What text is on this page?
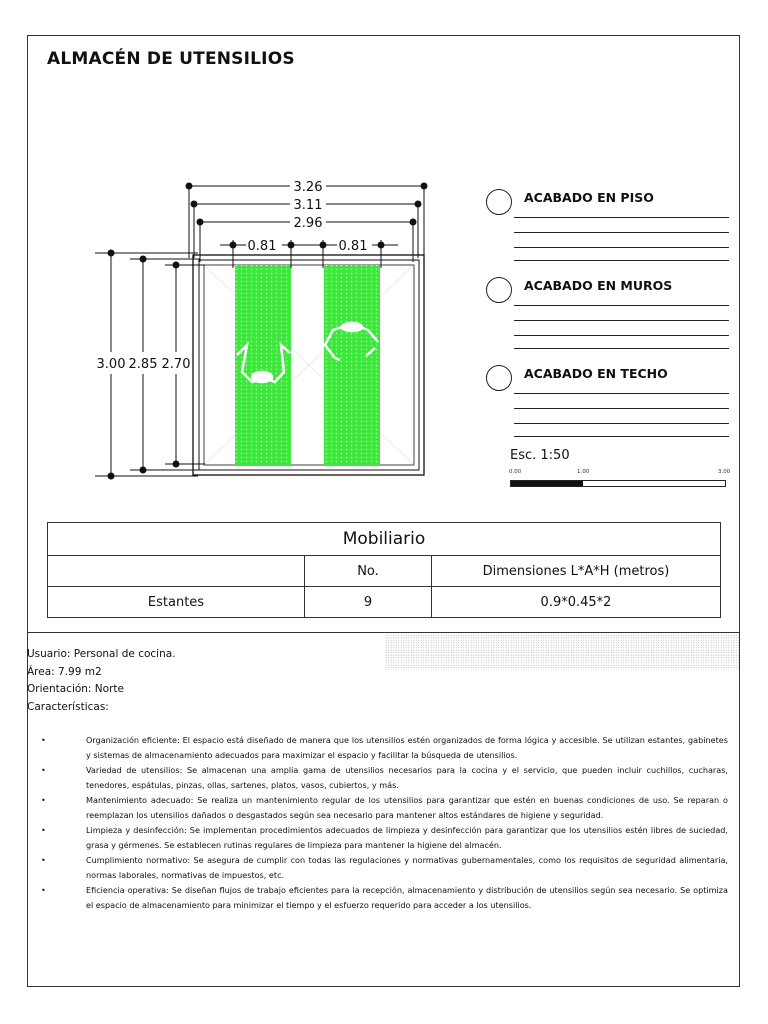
ALMACÉN DE UTENSILIOS
3.26
3.11
2.96
0.81	0.81
3.00 2.85 2.70
ACABADO EN PISO
ACABADO EN MUROS
ACABADO EN TECHO
Esc. 1:50
0.00	1.00	3.00
Mobiliario		
	No.	Dimensiones L*A*H (metros)
Estantes	9	0.9*0.45*2
Usuario: Personal de cocina.
Área: 7.99 m2
Orientación: Norte
Características:
•	Organización eficiente: El espacio está diseñado de manera que los utensilios estén organizados de forma lógica y accesible. Se utilizan estantes, gabinetes y sistemas de almacenamiento adecuados para maximizar el espacio y facilitar la búsqueda de utensilios.
•	Variedad de utensilios: Se almacenan una amplia gama de utensilios necesarios para la cocina y el servicio, que pueden incluir cuchillos, cucharas, tenedores, espátulas, pinzas, ollas, sartenes, platos, vasos, cubiertos, y más.
•	Mantenimiento adecuado: Se realiza un mantenimiento regular de los utensilios para garantizar que estén en buenas condiciones de uso. Se reparan o reemplazan los utensilios dañados o desgastados según sea necesario para mantener altos estándares de higiene y seguridad.
•	Limpieza y desinfección: Se implementan procedimientos adecuados de limpieza y desinfección para garantizar que los utensilios estén libres de suciedad, grasa y gérmenes. Se establecen rutinas regulares de limpieza para mantener la higiene del almacén.
•	Cumplimiento normativo: Se asegura de cumplir con todas las regulaciones y normativas gubernamentales, como los requisitos de seguridad alimentaria, normas laborales, normativas de impuestos, etc.
•	Eficiencia operativa: Se diseñan flujos de trabajo eficientes para la recepción, almacenamiento y distribución de utensilios según sea necesario. Se optimiza el espacio de almacenamiento para minimizar el tiempo y el esfuerzo requerido para acceder a los utensilios.
